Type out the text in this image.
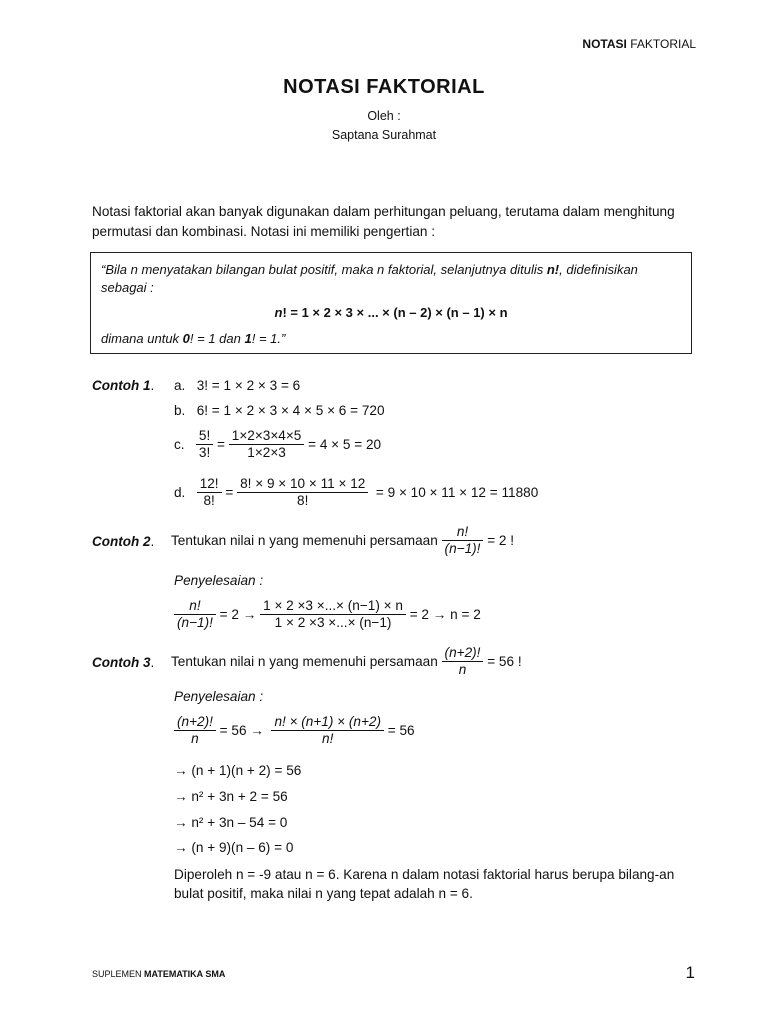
NOTASI FAKTORIAL
NOTASI FAKTORIAL
Oleh :
Saptana Surahmat
Notasi faktorial akan banyak digunakan dalam perhitungan peluang, terutama dalam menghitung permutasi dan kombinasi. Notasi ini memiliki pengertian :
“Bila n menyatakan bilangan bulat positif, maka n faktorial, selanjutnya ditulis n!, didefinisikan sebagai :
n! = 1 × 2 × 3 × ... × (n – 2) × (n – 1) × n
dimana untuk 0! = 1 dan 1! = 1.”
Contoh 1. a. 3! = 1 × 2 × 3 = 6
b. 6! = 1 × 2 × 3 × 4 × 5 × 6 = 720
c. $\frac{5!}{3!} = \frac{1\times 2\times 3\times 4\times 5}{1\times 2\times 3} = 4 \times 5 = 20$
d. $\frac{12!}{8!} = \frac{8! \times 9 \times 10 \times 11 \times 12}{8!} = 9 \times 10 \times 11 \times 12 = 11880$
Contoh 2. Tentukan nilai n yang memenuhi persamaan $\frac{n!}{(n-1)!} = 2$ !
Penyelesaian :
$\frac{n!}{(n-1)!} = 2 \to \frac{1 \times 2 \times 3 \times...\times (n-1) \times n}{1 \times 2 \times 3 \times...\times (n-1)} = 2 \to n = 2$
Contoh 3. Tentukan nilai n yang memenuhi persamaan $\frac{(n+2)!}{n} = 56$ !
Penyelesaian :
$\frac{(n+2)!}{n} = 56 \to \frac{n! \times (n+1) \times (n+2)}{n!} = 56$
→ (n + 1)(n + 2) = 56
→ n² + 3n + 2 = 56
→ n² + 3n – 54 = 0
→ (n + 9)(n – 6) = 0
Diperoleh n = -9 atau n = 6. Karena n dalam notasi faktorial harus berupa bilang-an bulat positif, maka nilai n yang tepat adalah n = 6.
SUPLEMEN MATEMATIKA SMA	1
